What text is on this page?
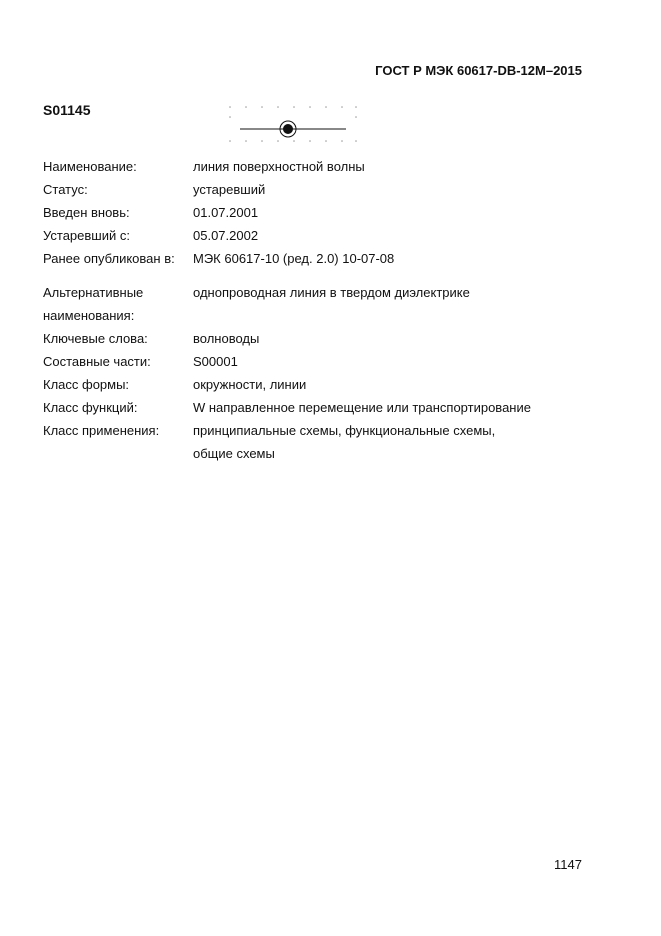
ГОСТ Р МЭК 60617-DB-12M–2015
S01145
Наименование:	линия поверхностной волны
Статус:	устаревший
Введен вновь:	01.07.2001
Устаревший с:	05.07.2002
Ранее опубликован в:	МЭК 60617-10 (ред. 2.0) 10-07-08
Альтернативные	однопроводная линия в твердом диэлектрике
наименования:
Ключевые слова:	волноводы
Составные части:	S00001
Класс формы:	окружности, линии
Класс функций:	W направленное перемещение или транспортирование
Класс применения:	принципиальные схемы, функциональные схемы,
общие схемы
1147
